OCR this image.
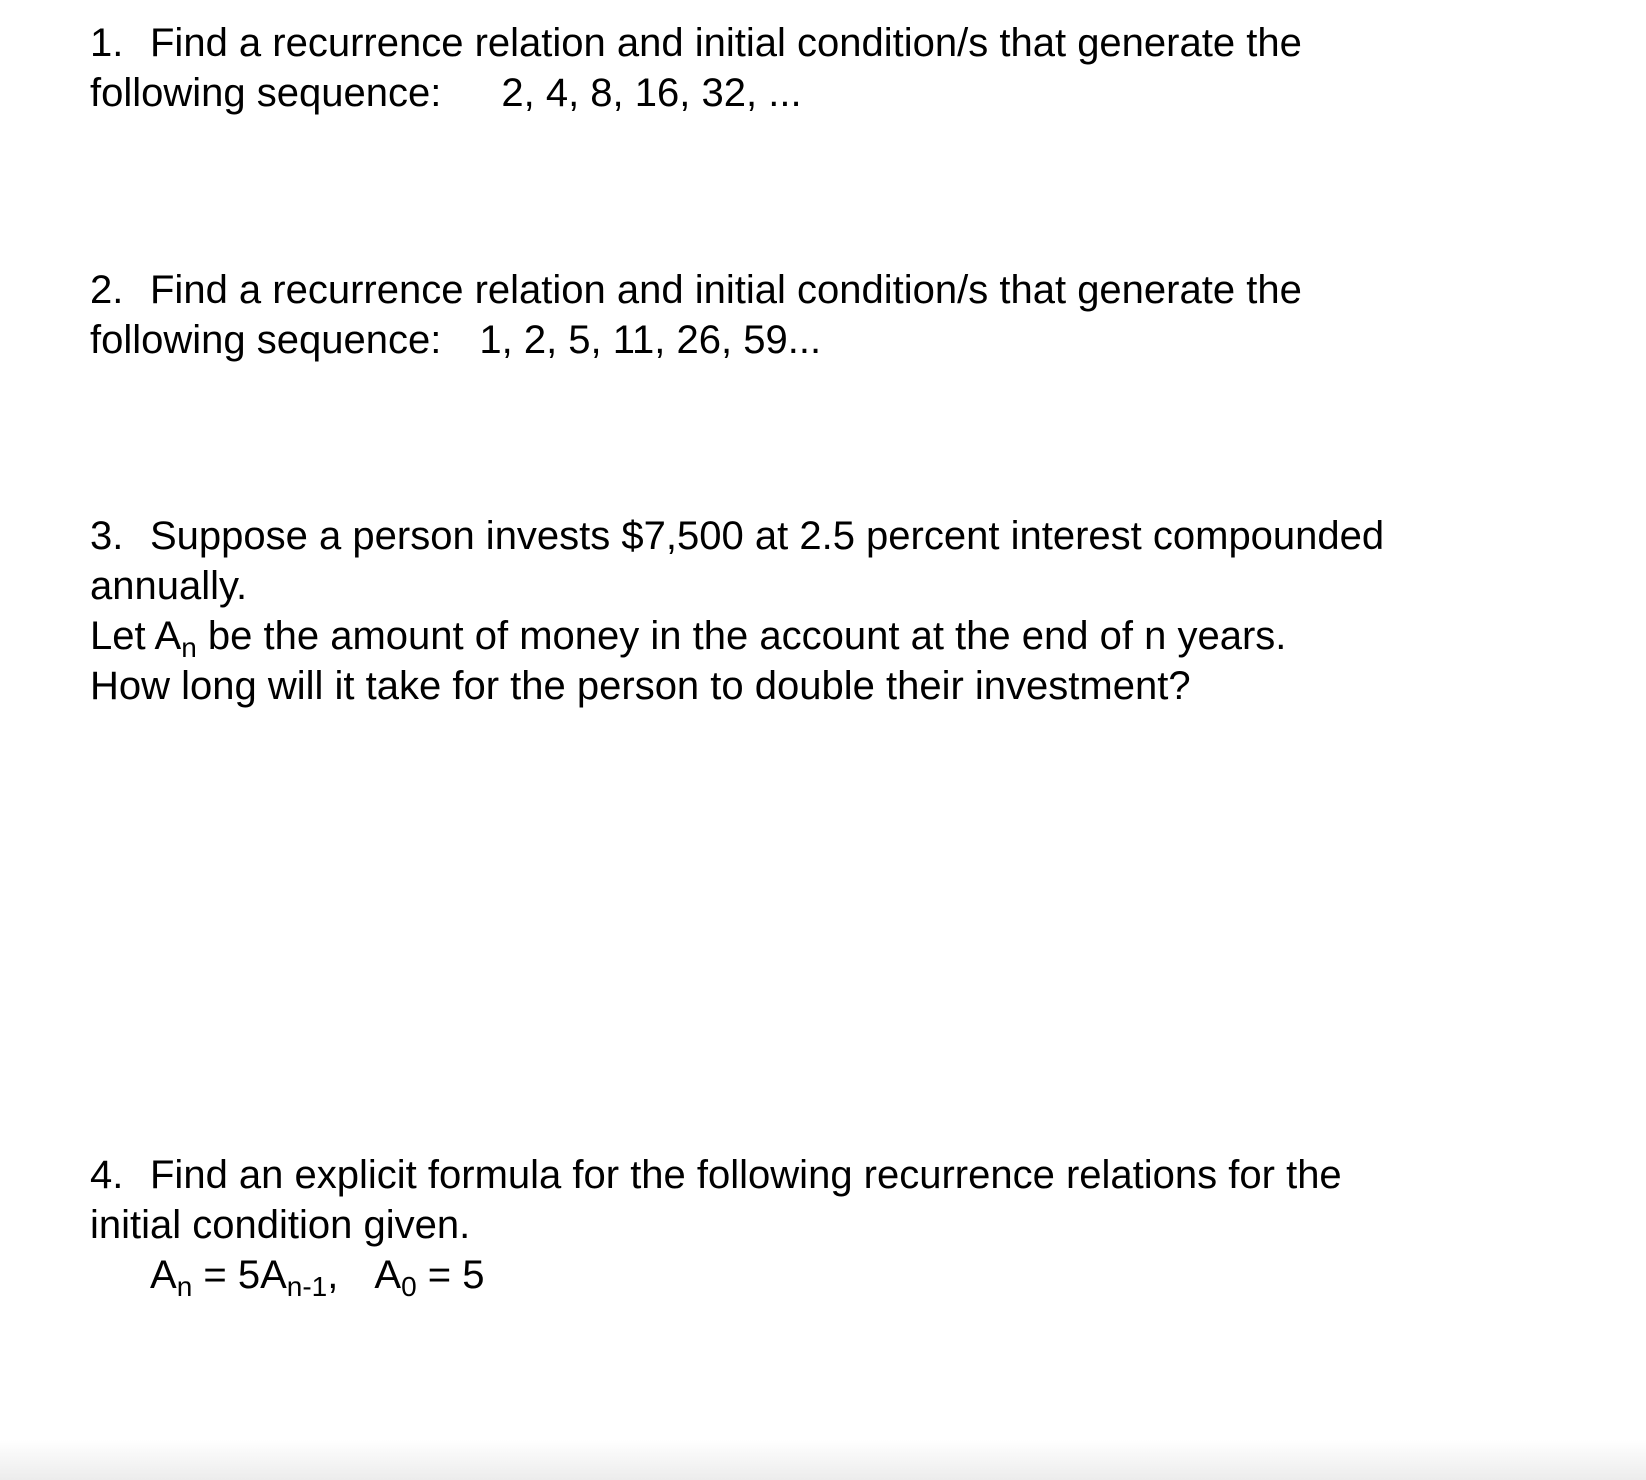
1. Find a recurrence relation and initial condition/s that generate the
following sequence: 2, 4, 8, 16, 32, ...
2. Find a recurrence relation and initial condition/s that generate the
following sequence: 1, 2, 5, 11, 26, 59...
3. Suppose a person invests $7,500 at 2.5 percent interest compounded
annually.
Let $A_n$ be the amount of money in the account at the end of n years.
How long will it take for the person to double their investment?
4. Find an explicit formula for the following recurrence relations for the
initial condition given.
$A_n = 5A_{n-1}$, $A_0 = 5$
